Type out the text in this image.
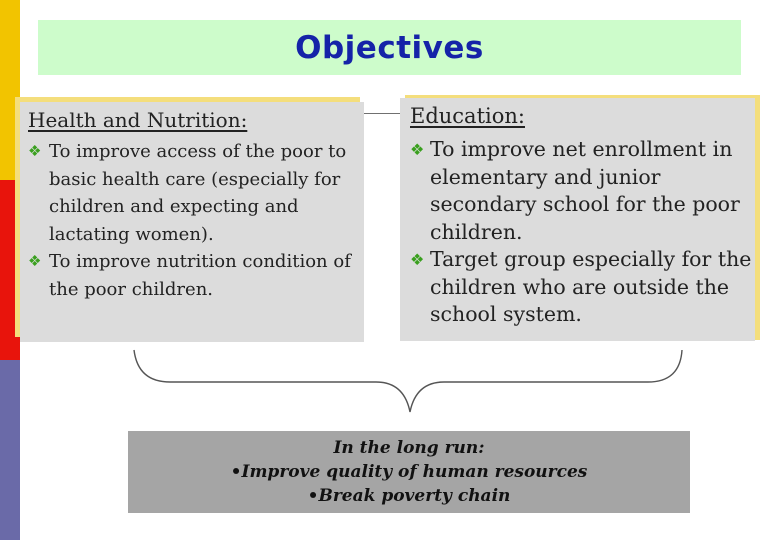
Objectives
Health and Nutrition:
❖ To improve access of the poor to basic health care (especially for children and expecting and lactating women).
❖ To improve nutrition condition of the poor children.
Education:
❖ To improve net enrollment in elementary and junior secondary school for the poor children.
❖ Target group especially for the children who are outside the school system.
In the long run:
•Improve quality of human resources
•Break poverty chain
